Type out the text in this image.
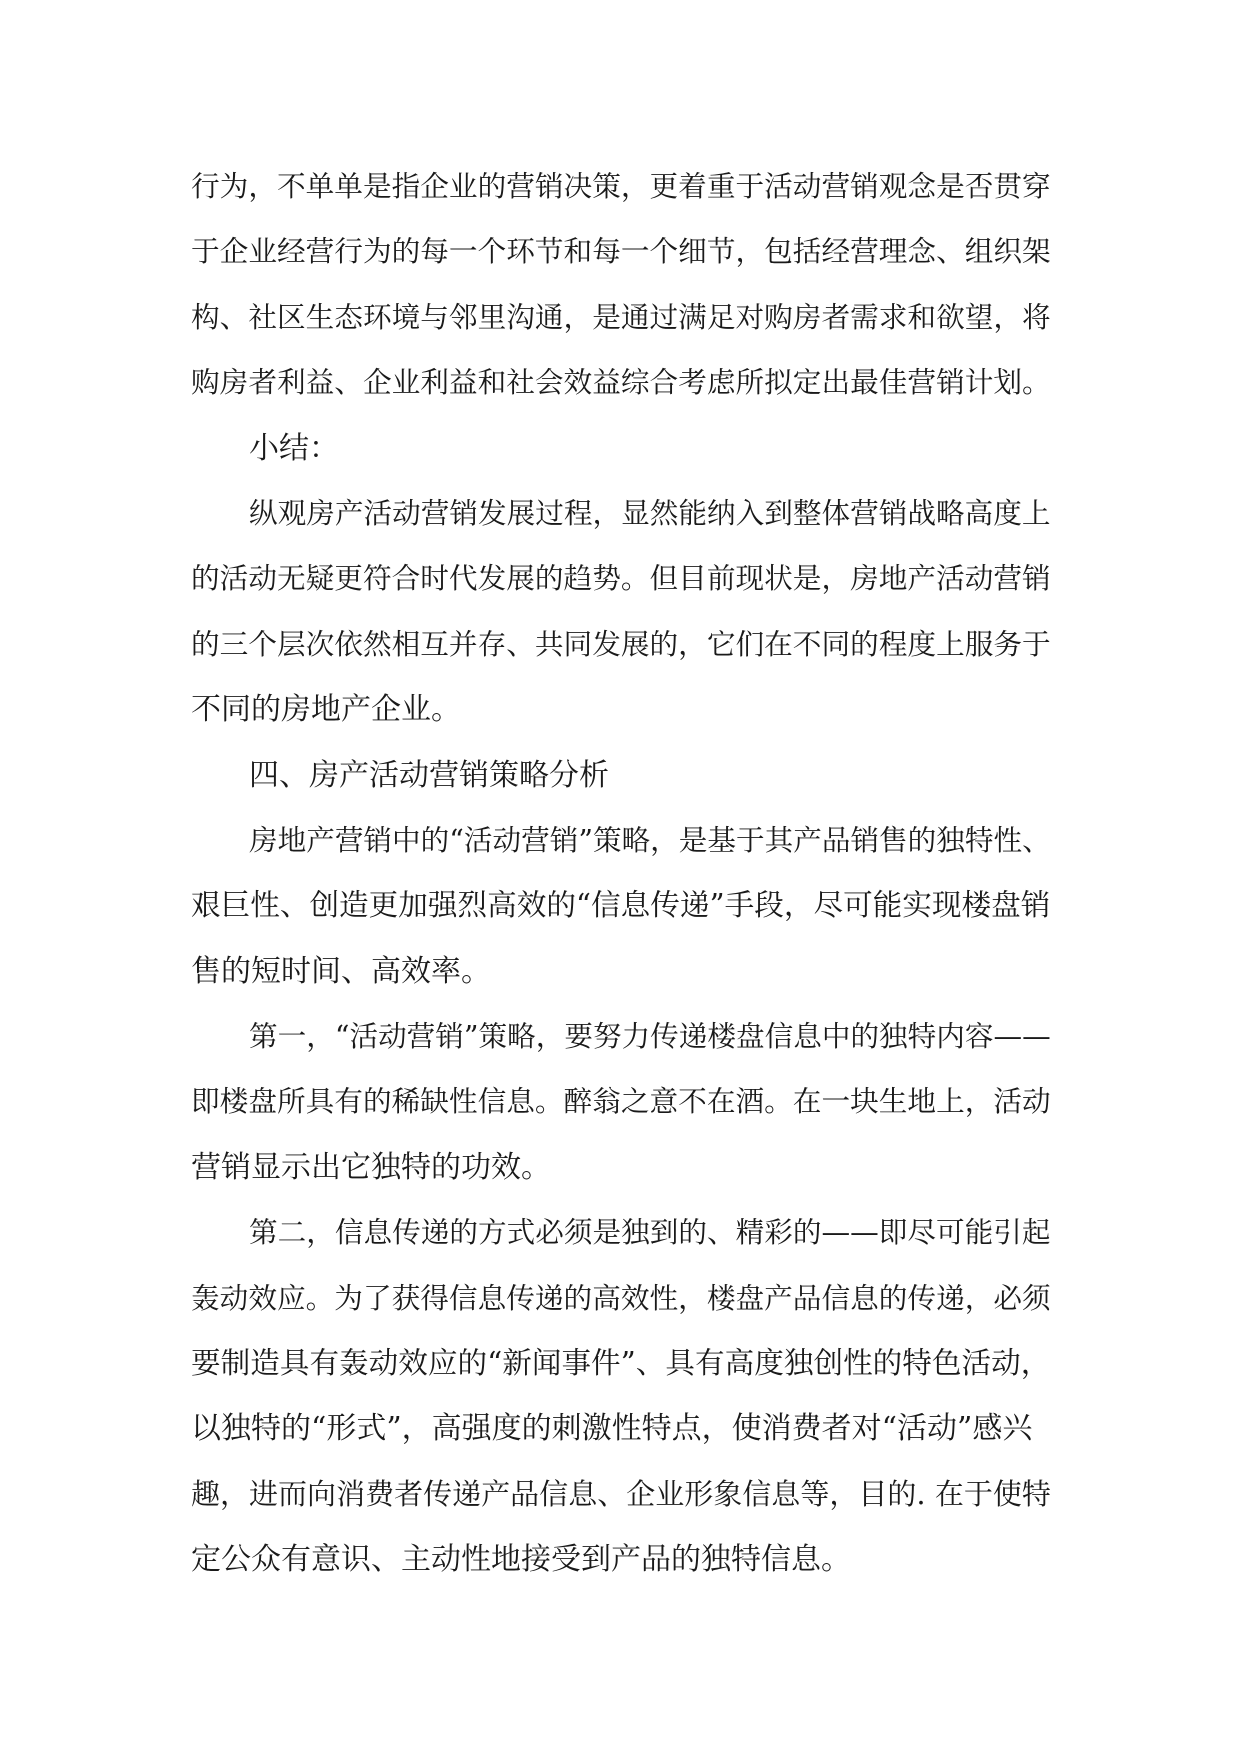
行为，不单单是指企业的营销决策，更着重于活动营销观念是否贯穿
于企业经营行为的每一个环节和每一个细节，包括经营理念、组织架
构、社区生态环境与邻里沟通，是通过满足对购房者需求和欲望，将
购房者利益、企业利益和社会效益综合考虑所拟定出最佳营销计划。
小结：
纵观房产活动营销发展过程，显然能纳入到整体营销战略高度上
的活动无疑更符合时代发展的趋势。但目前现状是，房地产活动营销
的三个层次依然相互并存、共同发展的，它们在不同的程度上服务于
不同的房地产企业。
四、房产活动营销策略分析
房地产营销中的“活动营销”策略，是基于其产品销售的独特性、
艰巨性、创造更加强烈高效的“信息传递”手段，尽可能实现楼盘销
售的短时间、高效率。
第一，“活动营销”策略，要努力传递楼盘信息中的独特内容——
即楼盘所具有的稀缺性信息。醉翁之意不在酒。在一块生地上，活动
营销显示出它独特的功效。
第二，信息传递的方式必须是独到的、精彩的——即尽可能引起
轰动效应。为了获得信息传递的高效性，楼盘产品信息的传递，必须
要制造具有轰动效应的“新闻事件”、具有高度独创性的特色活动，
以独特的“形式”，高强度的刺激性特点，使消费者对“活动”感兴
趣，进而向消费者传递产品信息、企业形象信息等，目的. 在于使特
定公众有意识、主动性地接受到产品的独特信息。
